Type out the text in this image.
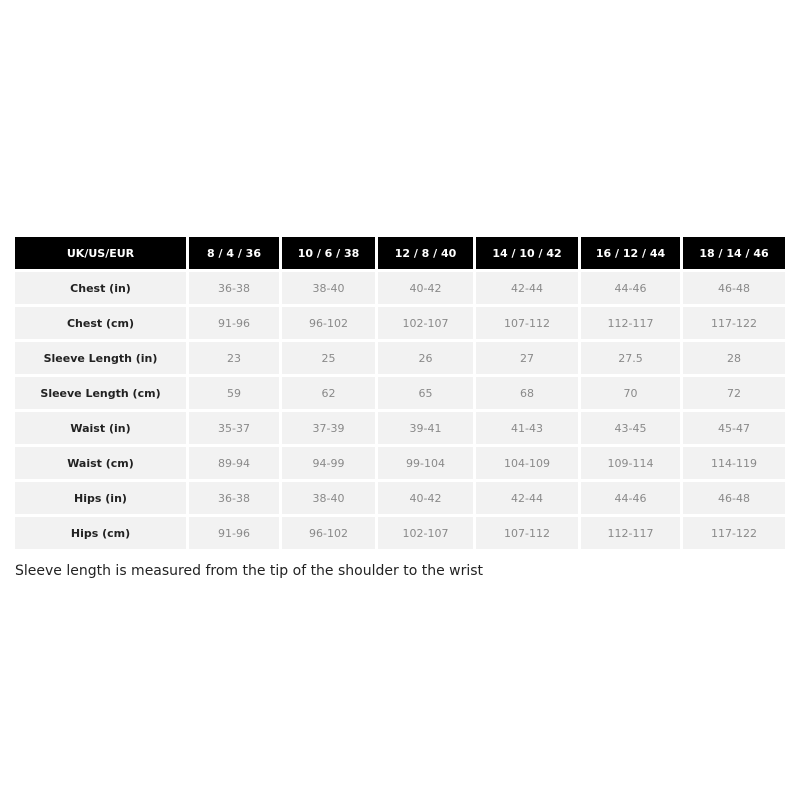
UK/US/EUR	8 / 4 / 36	10 / 6 / 38	12 / 8 / 40	14 / 10 / 42	16 / 12 / 44	18 / 14 / 46
Chest (in)	36-38	38-40	40-42	42-44	44-46	46-48
Chest (cm)	91-96	96-102	102-107	107-112	112-117	117-122
Sleeve Length (in)	23	25	26	27	27.5	28
Sleeve Length (cm)	59	62	65	68	70	72
Waist (in)	35-37	37-39	39-41	41-43	43-45	45-47
Waist (cm)	89-94	94-99	99-104	104-109	109-114	114-119
Hips (in)	36-38	38-40	40-42	42-44	44-46	46-48
Hips (cm)	91-96	96-102	102-107	107-112	112-117	117-122
Sleeve length is measured from the tip of the shoulder to the wrist
